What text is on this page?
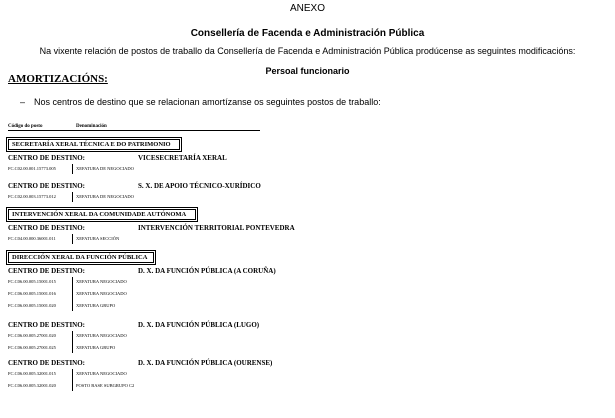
ANEXO
Consellería de Facenda e Administración Pública
Na vixente relación de postos de traballo da Consellería de Facenda e Administración Pública prodúcense as seguintes modificacións:
Persoal funcionario
AMORTIZACIÓNS:
– Nos centros de destino que se relacionan amortízanse os seguintes postos de traballo:
Código do posto	Denominación
SECRETARÍA XERAL TÉCNICA E DO PATRIMONIO
CENTRO DE DESTINO:	VICESECRETARÍA XERAL
FC.C02.00.001.15773.005	XEFATURA DE NEGOCIADO
CENTRO DE DESTINO:	S. X. DE APOIO TÉCNICO-XURÍDICO
FC.C02.00.003.15773.012	XEFATURA DE NEGOCIADO
INTERVENCIÓN XERAL DA COMUNIDADE AUTÓNOMA
CENTRO DE DESTINO:	INTERVENCIÓN TERRITORIAL PONTEVEDRA
FC.C04.00.000.36001.011	XEFATURA SECCIÓN
DIRECCIÓN XERAL DA FUNCIÓN PÚBLICA
CENTRO DE DESTINO:	D. X. DA FUNCIÓN PÚBLICA (A CORUÑA)
FC.C06.00.005.15001.015	XEFATURA NEGOCIADO
FC.C06.00.005.15001.016	XEFATURA NEGOCIADO
FC.C06.00.005.15001.020	XEFATURA GRUPO
CENTRO DE DESTINO:	D. X. DA FUNCIÓN PÚBLICA (LUGO)
FC.C06.00.005.27001.020	XEFATURA NEGOCIADO
FC.C06.00.005.27001.025	XEFATURA GRUPO
CENTRO DE DESTINO:	D. X. DA FUNCIÓN PÚBLICA (OURENSE)
FC.C06.00.005.32001.015	XEFATURA NEGOCIADO
FC.C06.00.005.32001.020	POSTO BASE SUBGRUPO C2
